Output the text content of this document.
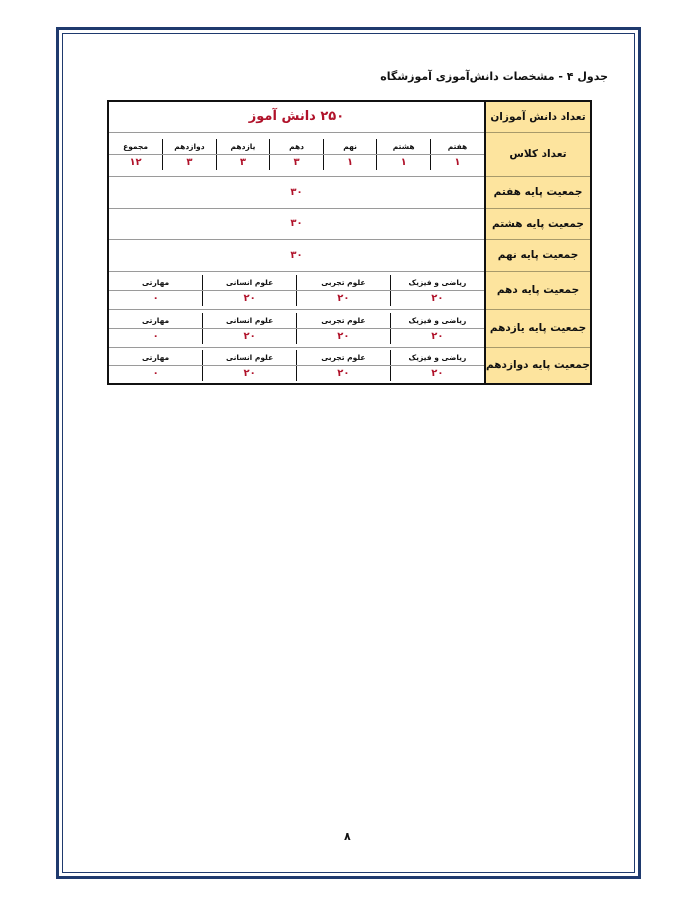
جدول ۴ - مشخصات دانش‌آموزی آموزشگاه
تعداد دانش آموزان	۲۵۰ دانش آموز
تعداد کلاس	
هفتم	هشتم	نهم	دهم	یازدهم	دوازدهم	مجموع
۱	۱	۱	۳	۳	۳	۱۲

جمعیت پایه هفتم	۳۰
جمعیت پایه هشتم	۳۰
جمعیت پایه نهم	۳۰
جمعیت پایه دهم	
ریاضی و فیزیک	علوم تجربی	علوم انسانی	مهارتی
۲۰	۲۰	۲۰	۰

جمعیت پایه یازدهم	
ریاضی و فیزیک	علوم تجربی	علوم انسانی	مهارتی
۲۰	۲۰	۲۰	۰

جمعیت پایه دوازدهم	
ریاضی و فیزیک	علوم تجربی	علوم انسانی	مهارتی
۲۰	۲۰	۲۰	۰
۸
